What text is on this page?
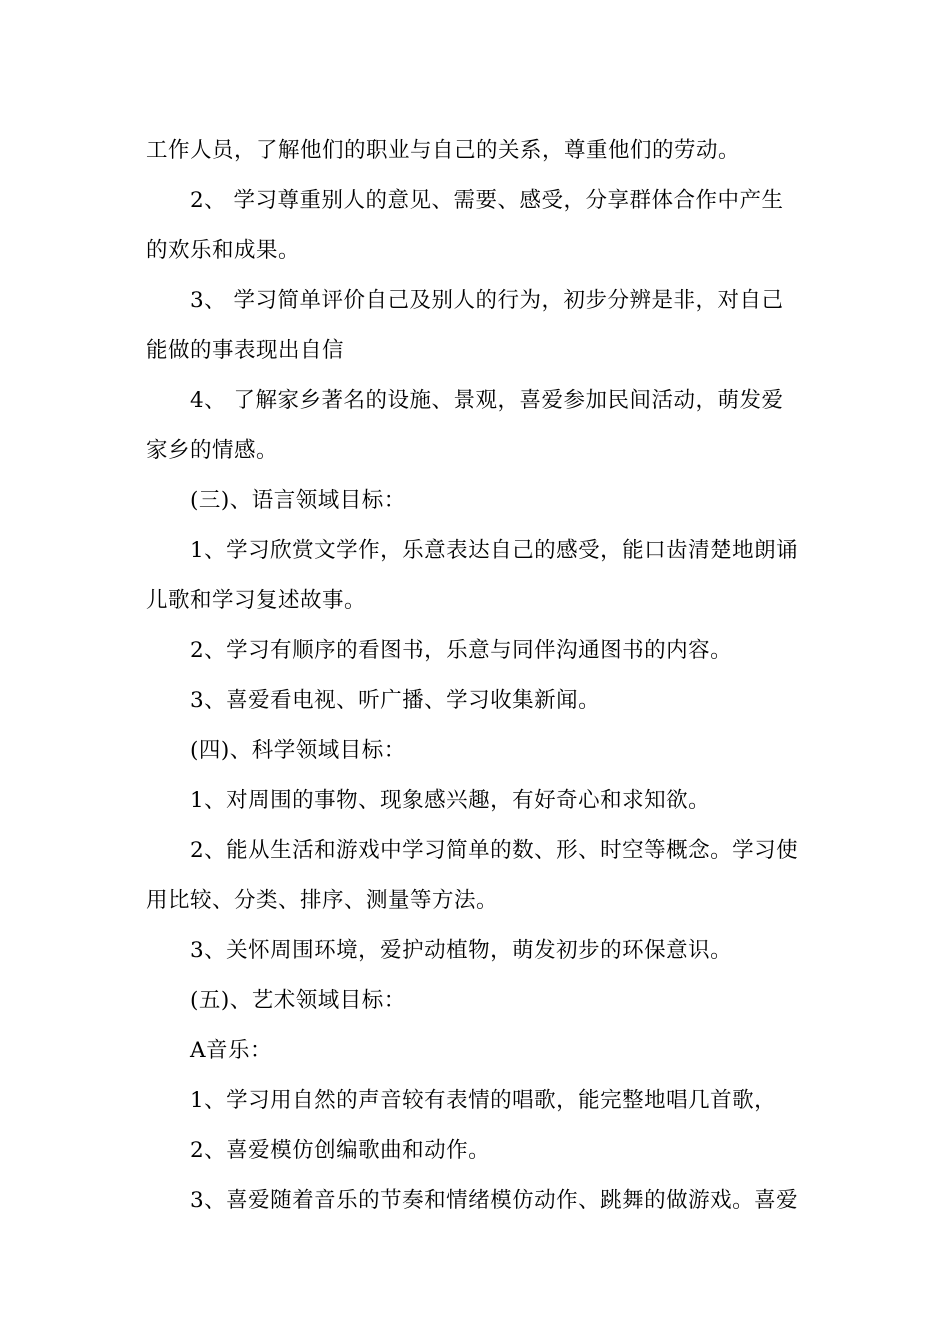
工作人员，了解他们的职业与自己的关系，尊重他们的劳动。
2、 学习尊重别人的意见、需要、感受，分享群体合作中产生
的欢乐和成果。
3、 学习简单评价自己及别人的行为，初步分辨是非，对自己
能做的事表现出自信
4、 了解家乡著名的设施、景观，喜爱参加民间活动，萌发爱
家乡的情感。
(三)、语言领域目标：
1、学习欣赏文学作，乐意表达自己的感受，能口齿清楚地朗诵
儿歌和学习复述故事。
2、学习有顺序的看图书，乐意与同伴沟通图书的内容。
3、喜爱看电视、听广播、学习收集新闻。
(四)、科学领域目标：
1、对周围的事物、现象感兴趣，有好奇心和求知欲。
2、能从生活和游戏中学习简单的数、形、时空等概念。学习使
用比较、分类、排序、测量等方法。
3、关怀周围环境，爱护动植物，萌发初步的环保意识。
(五)、艺术领域目标：
A音乐：
1、学习用自然的声音较有表情的唱歌，能完整地唱几首歌，
2、喜爱模仿创编歌曲和动作。
3、喜爱随着音乐的节奏和情绪模仿动作、跳舞的做游戏。喜爱
